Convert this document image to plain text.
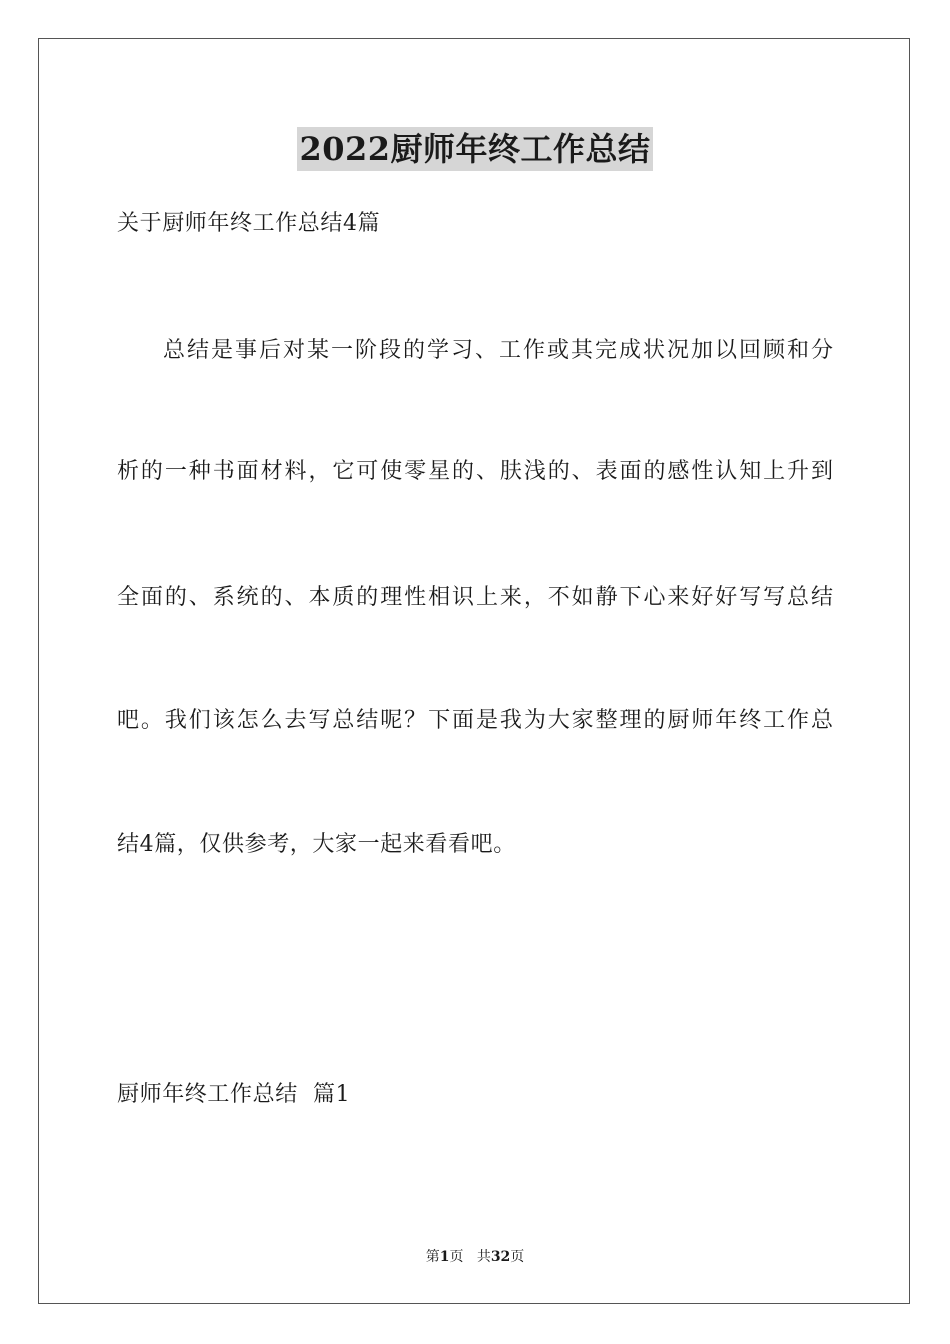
2022厨师年终工作总结
关于厨师年终工作总结4篇
总结是事后对某一阶段的学习、工作或其完成状况加以回顾和分
析的一种书面材料，它可使零星的、肤浅的、表面的感性认知上升到
全面的、系统的、本质的理性相识上来，不如静下心来好好写写总结
吧。我们该怎么去写总结呢？下面是我为大家整理的厨师年终工作总
结4篇，仅供参考，大家一起来看看吧。
厨师年终工作总结  篇1
第1页 共32页
